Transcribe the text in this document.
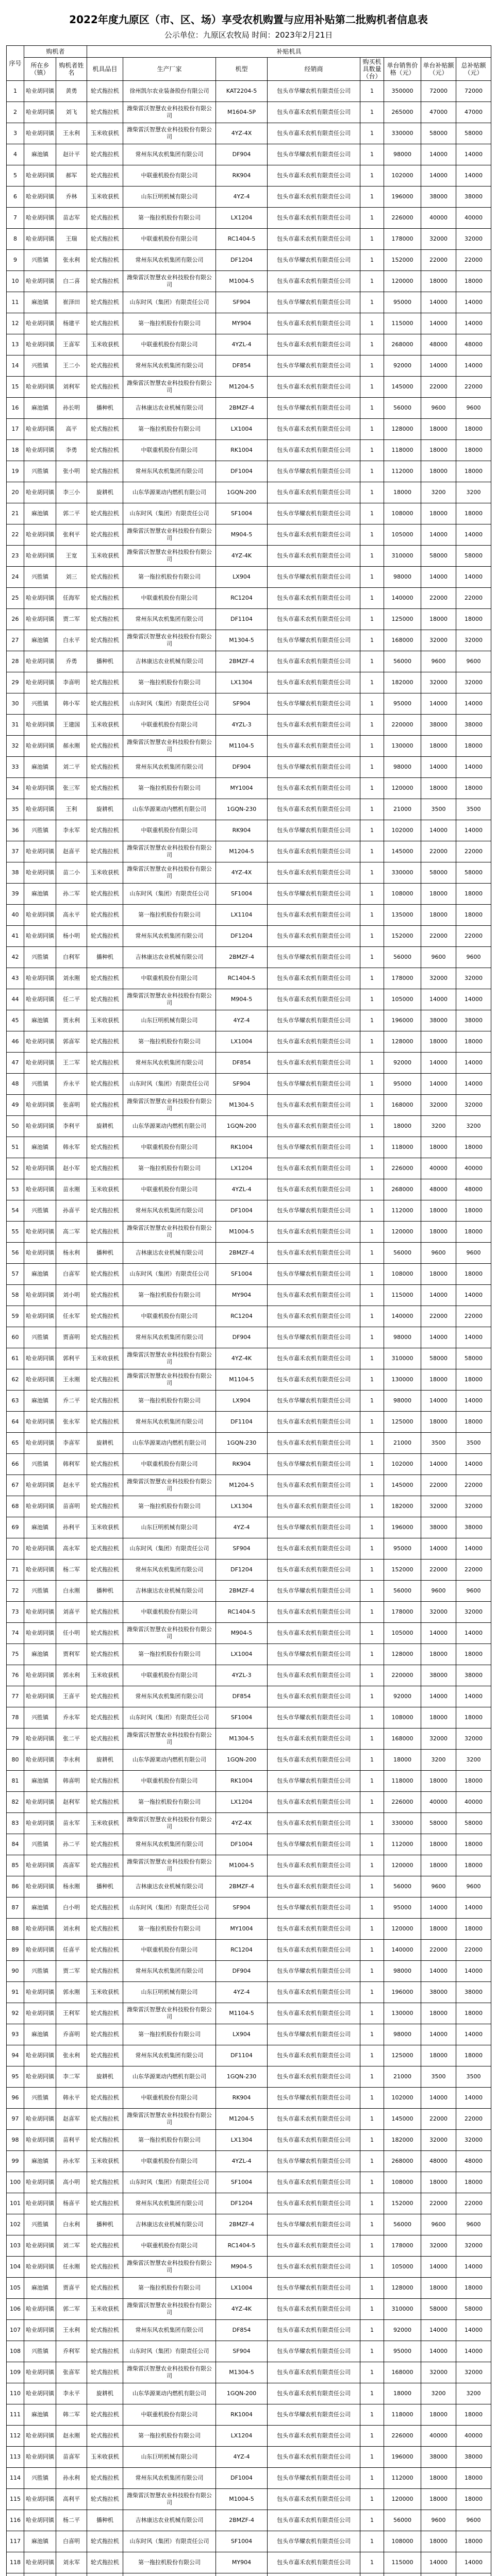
2022年度九原区（市、区、场）享受农机购置与应用补贴第二批购机者信息表
公示单位：九原区农牧局 时间：2023年2月21日
序号	购机者		补贴机具							
	所在乡（镇）	购机者姓名	机具品目	生产厂家	机型	经销商	购买机具数量（台）	单台销售价格（元）	单台补贴额（元）	总补贴额（元）
1	哈业胡同镇	黄勇	轮式拖拉机	徐州凯尔农业装备股份有限公司	KAT2204-5	包头市华耀农机有限责任公司	1	350000	72000	72000
2	哈业胡同镇	刘飞	轮式拖拉机	潍柴雷沃智慧农业科技股份有限公司	M1604-5P	包头市嘉禾农机有限责任公司	1	265000	47000	47000
3	哈业胡同镇	王永利	玉米收获机	潍柴雷沃智慧农业科技股份有限公司	4YZ-4X	包头市嘉禾农机有限责任公司	1	330000	58000	58000
4	麻池镇	赵计平	轮式拖拉机	常州东风农机集团有限公司	DF904	包头市华耀农机有限责任公司	1	98000	14000	14000
5	哈业胡同镇	郝军	轮式拖拉机	中联重机股份有限公司	RK904	包头市嘉禾农机有限责任公司	1	102000	14000	14000
6	哈业胡同镇	乔林	玉米收获机	山东巨明机械有限公司	4YZ-4	包头市嘉禾农机有限责任公司	1	196000	38000	38000
7	哈业胡同镇	苗志军	轮式拖拉机	第一拖拉机股份有限公司	LX1204	包头市嘉禾农机有限责任公司	1	226000	40000	40000
8	哈业胡同镇	王瑞	轮式拖拉机	中联重机股份有限公司	RC1404-5	包头市嘉禾农机有限责任公司	1	178000	32000	32000
9	兴胜镇	张永利	轮式拖拉机	常州东风农机集团有限公司	DF1204	包头市华耀农机有限责任公司	1	152000	22000	22000
10	哈业胡同镇	白二喜	轮式拖拉机	潍柴雷沃智慧农业科技股份有限公司	M1004-5	包头市嘉禾农机有限责任公司	1	120000	18000	18000
11	麻池镇	崔泽田	轮式拖拉机	山东时风（集团）有限责任公司	SF904	包头市华耀农机有限责任公司	1	95000	14000	14000
12	哈业胡同镇	杨建平	轮式拖拉机	第一拖拉机股份有限公司	MY904	包头市嘉禾农机有限责任公司	1	115000	14000	14000
13	哈业胡同镇	王喜军	玉米收获机	中联重机股份有限公司	4YZL-4	包头市嘉禾农机有限责任公司	1	268000	48000	48000
14	兴胜镇	王二小	轮式拖拉机	常州东风农机集团有限公司	DF854	包头市华耀农机有限责任公司	1	92000	14000	14000
15	哈业胡同镇	刘利军	轮式拖拉机	潍柴雷沃智慧农业科技股份有限公司	M1204-5	包头市嘉禾农机有限责任公司	1	145000	22000	22000
16	麻池镇	孙长明	播种机	吉林康达农业机械有限公司	2BMZF-4	包头市华耀农机有限责任公司	1	56000	9600	9600
17	哈业胡同镇	高平	轮式拖拉机	第一拖拉机股份有限公司	LX1004	包头市嘉禾农机有限责任公司	1	128000	18000	18000
18	哈业胡同镇	李勇	轮式拖拉机	中联重机股份有限公司	RK1004	包头市嘉禾农机有限责任公司	1	118000	18000	18000
19	兴胜镇	张小明	轮式拖拉机	常州东风农机集团有限公司	DF1004	包头市华耀农机有限责任公司	1	112000	18000	18000
20	哈业胡同镇	李三小	旋耕机	山东华源莱动内燃机有限公司	1GQN-200	包头市嘉禾农机有限责任公司	1	18000	3200	3200
21	麻池镇	郭二平	轮式拖拉机	山东时风（集团）有限责任公司	SF1004	包头市华耀农机有限责任公司	1	108000	18000	18000
22	哈业胡同镇	张利平	轮式拖拉机	潍柴雷沃智慧农业科技股份有限公司	M904-5	包头市嘉禾农机有限责任公司	1	105000	14000	14000
23	哈业胡同镇	王宽	玉米收获机	潍柴雷沃智慧农业科技股份有限公司	4YZ-4K	包头市嘉禾农机有限责任公司	1	310000	58000	58000
24	兴胜镇	刘三	轮式拖拉机	第一拖拉机股份有限公司	LX904	包头市华耀农机有限责任公司	1	98000	14000	14000
25	哈业胡同镇	任海军	轮式拖拉机	中联重机股份有限公司	RC1204	包头市嘉禾农机有限责任公司	1	140000	22000	22000
26	哈业胡同镇	贾二军	轮式拖拉机	常州东风农机集团有限公司	DF1104	包头市嘉禾农机有限责任公司	1	125000	18000	18000
27	麻池镇	白永平	轮式拖拉机	潍柴雷沃智慧农业科技股份有限公司	M1304-5	包头市华耀农机有限责任公司	1	168000	32000	32000
28	哈业胡同镇	乔勇	播种机	吉林康达农业机械有限公司	2BMZF-4	包头市嘉禾农机有限责任公司	1	56000	9600	9600
29	哈业胡同镇	李喜明	轮式拖拉机	第一拖拉机股份有限公司	LX1304	包头市嘉禾农机有限责任公司	1	182000	32000	32000
30	兴胜镇	韩小军	轮式拖拉机	山东时风（集团）有限责任公司	SF904	包头市华耀农机有限责任公司	1	95000	14000	14000
31	哈业胡同镇	王建国	玉米收获机	中联重机股份有限公司	4YZL-3	包头市嘉禾农机有限责任公司	1	220000	38000	38000
32	哈业胡同镇	郝永刚	轮式拖拉机	潍柴雷沃智慧农业科技股份有限公司	M1104-5	包头市嘉禾农机有限责任公司	1	130000	18000	18000
33	麻池镇	刘二平	轮式拖拉机	常州东风农机集团有限公司	DF904	包头市华耀农机有限责任公司	1	98000	14000	14000
34	哈业胡同镇	张三军	轮式拖拉机	第一拖拉机股份有限公司	MY1004	包头市嘉禾农机有限责任公司	1	120000	18000	18000
35	哈业胡同镇	王利	旋耕机	山东华源莱动内燃机有限公司	1GQN-230	包头市嘉禾农机有限责任公司	1	21000	3500	3500
36	兴胜镇	李永军	轮式拖拉机	中联重机股份有限公司	RK904	包头市华耀农机有限责任公司	1	102000	14000	14000
37	哈业胡同镇	赵喜平	轮式拖拉机	潍柴雷沃智慧农业科技股份有限公司	M1204-5	包头市嘉禾农机有限责任公司	1	145000	22000	22000
38	哈业胡同镇	苗二小	玉米收获机	潍柴雷沃智慧农业科技股份有限公司	4YZ-4X	包头市嘉禾农机有限责任公司	1	330000	58000	58000
39	麻池镇	孙二军	轮式拖拉机	山东时风（集团）有限责任公司	SF1004	包头市华耀农机有限责任公司	1	108000	18000	18000
40	哈业胡同镇	高永平	轮式拖拉机	第一拖拉机股份有限公司	LX1104	包头市嘉禾农机有限责任公司	1	135000	18000	18000
41	哈业胡同镇	杨小明	轮式拖拉机	常州东风农机集团有限公司	DF1204	包头市嘉禾农机有限责任公司	1	152000	22000	22000
42	兴胜镇	白利军	播种机	吉林康达农业机械有限公司	2BMZF-4	包头市华耀农机有限责任公司	1	56000	9600	9600
43	哈业胡同镇	刘永刚	轮式拖拉机	中联重机股份有限公司	RC1404-5	包头市嘉禾农机有限责任公司	1	178000	32000	32000
44	哈业胡同镇	任二平	轮式拖拉机	潍柴雷沃智慧农业科技股份有限公司	M904-5	包头市嘉禾农机有限责任公司	1	105000	14000	14000
45	麻池镇	贾永利	玉米收获机	山东巨明机械有限公司	4YZ-4	包头市华耀农机有限责任公司	1	196000	38000	38000
46	哈业胡同镇	郭喜军	轮式拖拉机	第一拖拉机股份有限公司	LX1004	包头市嘉禾农机有限责任公司	1	128000	18000	18000
47	哈业胡同镇	王二军	轮式拖拉机	常州东风农机集团有限公司	DF854	包头市嘉禾农机有限责任公司	1	92000	14000	14000
48	兴胜镇	乔永平	轮式拖拉机	山东时风（集团）有限责任公司	SF904	包头市华耀农机有限责任公司	1	95000	14000	14000
49	哈业胡同镇	张喜明	轮式拖拉机	潍柴雷沃智慧农业科技股份有限公司	M1304-5	包头市嘉禾农机有限责任公司	1	168000	32000	32000
50	哈业胡同镇	李利平	旋耕机	山东华源莱动内燃机有限公司	1GQN-200	包头市嘉禾农机有限责任公司	1	18000	3200	3200
51	麻池镇	韩永军	轮式拖拉机	中联重机股份有限公司	RK1004	包头市华耀农机有限责任公司	1	118000	18000	18000
52	哈业胡同镇	赵小军	轮式拖拉机	第一拖拉机股份有限公司	LX1204	包头市嘉禾农机有限责任公司	1	226000	40000	40000
53	哈业胡同镇	苗永刚	玉米收获机	中联重机股份有限公司	4YZL-4	包头市嘉禾农机有限责任公司	1	268000	48000	48000
54	兴胜镇	孙喜平	轮式拖拉机	常州东风农机集团有限公司	DF1004	包头市华耀农机有限责任公司	1	112000	18000	18000
55	哈业胡同镇	高二军	轮式拖拉机	潍柴雷沃智慧农业科技股份有限公司	M1004-5	包头市嘉禾农机有限责任公司	1	120000	18000	18000
56	哈业胡同镇	杨永利	播种机	吉林康达农业机械有限公司	2BMZF-4	包头市嘉禾农机有限责任公司	1	56000	9600	9600
57	麻池镇	白喜军	轮式拖拉机	山东时风（集团）有限责任公司	SF1004	包头市华耀农机有限责任公司	1	108000	18000	18000
58	哈业胡同镇	刘小明	轮式拖拉机	第一拖拉机股份有限公司	MY904	包头市嘉禾农机有限责任公司	1	115000	14000	14000
59	哈业胡同镇	任永军	轮式拖拉机	中联重机股份有限公司	RC1204	包头市嘉禾农机有限责任公司	1	140000	22000	22000
60	兴胜镇	贾喜明	轮式拖拉机	常州东风农机集团有限公司	DF904	包头市华耀农机有限责任公司	1	98000	14000	14000
61	哈业胡同镇	郭利平	玉米收获机	潍柴雷沃智慧农业科技股份有限公司	4YZ-4K	包头市嘉禾农机有限责任公司	1	310000	58000	58000
62	哈业胡同镇	王永刚	轮式拖拉机	潍柴雷沃智慧农业科技股份有限公司	M1104-5	包头市嘉禾农机有限责任公司	1	130000	18000	18000
63	麻池镇	乔二平	轮式拖拉机	第一拖拉机股份有限公司	LX904	包头市华耀农机有限责任公司	1	98000	14000	14000
64	哈业胡同镇	张永军	轮式拖拉机	常州东风农机集团有限公司	DF1104	包头市嘉禾农机有限责任公司	1	125000	18000	18000
65	哈业胡同镇	李喜军	旋耕机	山东华源莱动内燃机有限公司	1GQN-230	包头市嘉禾农机有限责任公司	1	21000	3500	3500
66	兴胜镇	韩利军	轮式拖拉机	中联重机股份有限公司	RK904	包头市华耀农机有限责任公司	1	102000	14000	14000
67	哈业胡同镇	赵永平	轮式拖拉机	潍柴雷沃智慧农业科技股份有限公司	M1204-5	包头市嘉禾农机有限责任公司	1	145000	22000	22000
68	哈业胡同镇	苗喜明	轮式拖拉机	第一拖拉机股份有限公司	LX1304	包头市嘉禾农机有限责任公司	1	182000	32000	32000
69	麻池镇	孙利平	玉米收获机	山东巨明机械有限公司	4YZ-4	包头市华耀农机有限责任公司	1	196000	38000	38000
70	哈业胡同镇	高永军	轮式拖拉机	山东时风（集团）有限责任公司	SF904	包头市嘉禾农机有限责任公司	1	95000	14000	14000
71	哈业胡同镇	杨二军	轮式拖拉机	常州东风农机集团有限公司	DF1204	包头市嘉禾农机有限责任公司	1	152000	22000	22000
72	兴胜镇	白永刚	播种机	吉林康达农业机械有限公司	2BMZF-4	包头市华耀农机有限责任公司	1	56000	9600	9600
73	哈业胡同镇	刘喜平	轮式拖拉机	中联重机股份有限公司	RC1404-5	包头市嘉禾农机有限责任公司	1	178000	32000	32000
74	哈业胡同镇	任小明	轮式拖拉机	潍柴雷沃智慧农业科技股份有限公司	M904-5	包头市嘉禾农机有限责任公司	1	105000	14000	14000
75	麻池镇	贾利军	轮式拖拉机	第一拖拉机股份有限公司	LX1004	包头市华耀农机有限责任公司	1	128000	18000	18000
76	哈业胡同镇	郭永利	玉米收获机	中联重机股份有限公司	4YZL-3	包头市嘉禾农机有限责任公司	1	220000	38000	38000
77	哈业胡同镇	王喜平	轮式拖拉机	常州东风农机集团有限公司	DF854	包头市嘉禾农机有限责任公司	1	92000	14000	14000
78	兴胜镇	乔永军	轮式拖拉机	山东时风（集团）有限责任公司	SF1004	包头市华耀农机有限责任公司	1	108000	18000	18000
79	哈业胡同镇	张二平	轮式拖拉机	潍柴雷沃智慧农业科技股份有限公司	M1304-5	包头市嘉禾农机有限责任公司	1	168000	32000	32000
80	哈业胡同镇	李永利	旋耕机	山东华源莱动内燃机有限公司	1GQN-200	包头市嘉禾农机有限责任公司	1	18000	3200	3200
81	麻池镇	韩喜明	轮式拖拉机	中联重机股份有限公司	RK1004	包头市华耀农机有限责任公司	1	118000	18000	18000
82	哈业胡同镇	赵利军	轮式拖拉机	第一拖拉机股份有限公司	LX1204	包头市嘉禾农机有限责任公司	1	226000	40000	40000
83	哈业胡同镇	苗永军	玉米收获机	潍柴雷沃智慧农业科技股份有限公司	4YZ-4X	包头市嘉禾农机有限责任公司	1	330000	58000	58000
84	兴胜镇	孙二平	轮式拖拉机	常州东风农机集团有限公司	DF1004	包头市华耀农机有限责任公司	1	112000	18000	18000
85	哈业胡同镇	高喜军	轮式拖拉机	潍柴雷沃智慧农业科技股份有限公司	M1004-5	包头市嘉禾农机有限责任公司	1	120000	18000	18000
86	哈业胡同镇	杨永刚	播种机	吉林康达农业机械有限公司	2BMZF-4	包头市嘉禾农机有限责任公司	1	56000	9600	9600
87	麻池镇	白小明	轮式拖拉机	山东时风（集团）有限责任公司	SF904	包头市华耀农机有限责任公司	1	95000	14000	14000
88	哈业胡同镇	刘永利	轮式拖拉机	第一拖拉机股份有限公司	MY1004	包头市嘉禾农机有限责任公司	1	120000	18000	18000
89	哈业胡同镇	任喜平	轮式拖拉机	中联重机股份有限公司	RC1204	包头市嘉禾农机有限责任公司	1	140000	22000	22000
90	兴胜镇	贾二军	轮式拖拉机	常州东风农机集团有限公司	DF904	包头市华耀农机有限责任公司	1	98000	14000	14000
91	哈业胡同镇	郭永刚	玉米收获机	山东巨明机械有限公司	4YZ-4	包头市嘉禾农机有限责任公司	1	196000	38000	38000
92	哈业胡同镇	王利军	轮式拖拉机	潍柴雷沃智慧农业科技股份有限公司	M1104-5	包头市嘉禾农机有限责任公司	1	130000	18000	18000
93	麻池镇	乔喜明	轮式拖拉机	第一拖拉机股份有限公司	LX904	包头市华耀农机有限责任公司	1	98000	14000	14000
94	哈业胡同镇	张永利	轮式拖拉机	常州东风农机集团有限公司	DF1104	包头市嘉禾农机有限责任公司	1	125000	18000	18000
95	哈业胡同镇	李二军	旋耕机	山东华源莱动内燃机有限公司	1GQN-230	包头市嘉禾农机有限责任公司	1	21000	3500	3500
96	兴胜镇	韩永平	轮式拖拉机	中联重机股份有限公司	RK904	包头市华耀农机有限责任公司	1	102000	14000	14000
97	哈业胡同镇	赵喜军	轮式拖拉机	潍柴雷沃智慧农业科技股份有限公司	M1204-5	包头市嘉禾农机有限责任公司	1	145000	22000	22000
98	哈业胡同镇	苗利平	轮式拖拉机	第一拖拉机股份有限公司	LX1304	包头市嘉禾农机有限责任公司	1	182000	32000	32000
99	麻池镇	孙永军	玉米收获机	中联重机股份有限公司	4YZL-4	包头市华耀农机有限责任公司	1	268000	48000	48000
100	哈业胡同镇	高小明	轮式拖拉机	山东时风（集团）有限责任公司	SF1004	包头市嘉禾农机有限责任公司	1	108000	18000	18000
101	哈业胡同镇	杨喜平	轮式拖拉机	常州东风农机集团有限公司	DF1204	包头市嘉禾农机有限责任公司	1	152000	22000	22000
102	兴胜镇	白永利	播种机	吉林康达农业机械有限公司	2BMZF-4	包头市华耀农机有限责任公司	1	56000	9600	9600
103	哈业胡同镇	刘二军	轮式拖拉机	中联重机股份有限公司	RC1404-5	包头市嘉禾农机有限责任公司	1	178000	32000	32000
104	哈业胡同镇	任永刚	轮式拖拉机	潍柴雷沃智慧农业科技股份有限公司	M904-5	包头市嘉禾农机有限责任公司	1	105000	14000	14000
105	麻池镇	贾喜平	轮式拖拉机	第一拖拉机股份有限公司	LX1004	包头市华耀农机有限责任公司	1	128000	18000	18000
106	哈业胡同镇	郭二军	玉米收获机	潍柴雷沃智慧农业科技股份有限公司	4YZ-4K	包头市嘉禾农机有限责任公司	1	310000	58000	58000
107	哈业胡同镇	王永利	轮式拖拉机	常州东风农机集团有限公司	DF854	包头市嘉禾农机有限责任公司	1	92000	14000	14000
108	兴胜镇	乔利军	轮式拖拉机	山东时风（集团）有限责任公司	SF904	包头市华耀农机有限责任公司	1	95000	14000	14000
109	哈业胡同镇	张喜军	轮式拖拉机	潍柴雷沃智慧农业科技股份有限公司	M1304-5	包头市嘉禾农机有限责任公司	1	168000	32000	32000
110	哈业胡同镇	李永平	旋耕机	山东华源莱动内燃机有限公司	1GQN-200	包头市嘉禾农机有限责任公司	1	18000	3200	3200
111	麻池镇	韩二军	轮式拖拉机	中联重机股份有限公司	RK1004	包头市华耀农机有限责任公司	1	118000	18000	18000
112	哈业胡同镇	赵永刚	轮式拖拉机	第一拖拉机股份有限公司	LX1204	包头市嘉禾农机有限责任公司	1	226000	40000	40000
113	哈业胡同镇	苗喜军	玉米收获机	山东巨明机械有限公司	4YZ-4	包头市嘉禾农机有限责任公司	1	196000	38000	38000
114	兴胜镇	孙永利	轮式拖拉机	常州东风农机集团有限公司	DF1004	包头市华耀农机有限责任公司	1	112000	18000	18000
115	哈业胡同镇	高利平	轮式拖拉机	潍柴雷沃智慧农业科技股份有限公司	M1004-5	包头市嘉禾农机有限责任公司	1	120000	18000	18000
116	哈业胡同镇	杨二平	播种机	吉林康达农业机械有限公司	2BMZF-4	包头市嘉禾农机有限责任公司	1	56000	9600	9600
117	麻池镇	白喜明	轮式拖拉机	山东时风（集团）有限责任公司	SF1004	包头市华耀农机有限责任公司	1	108000	18000	18000
118	哈业胡同镇	刘永军	轮式拖拉机	第一拖拉机股份有限公司	MY904	包头市嘉禾农机有限责任公司	1	115000	14000	14000
